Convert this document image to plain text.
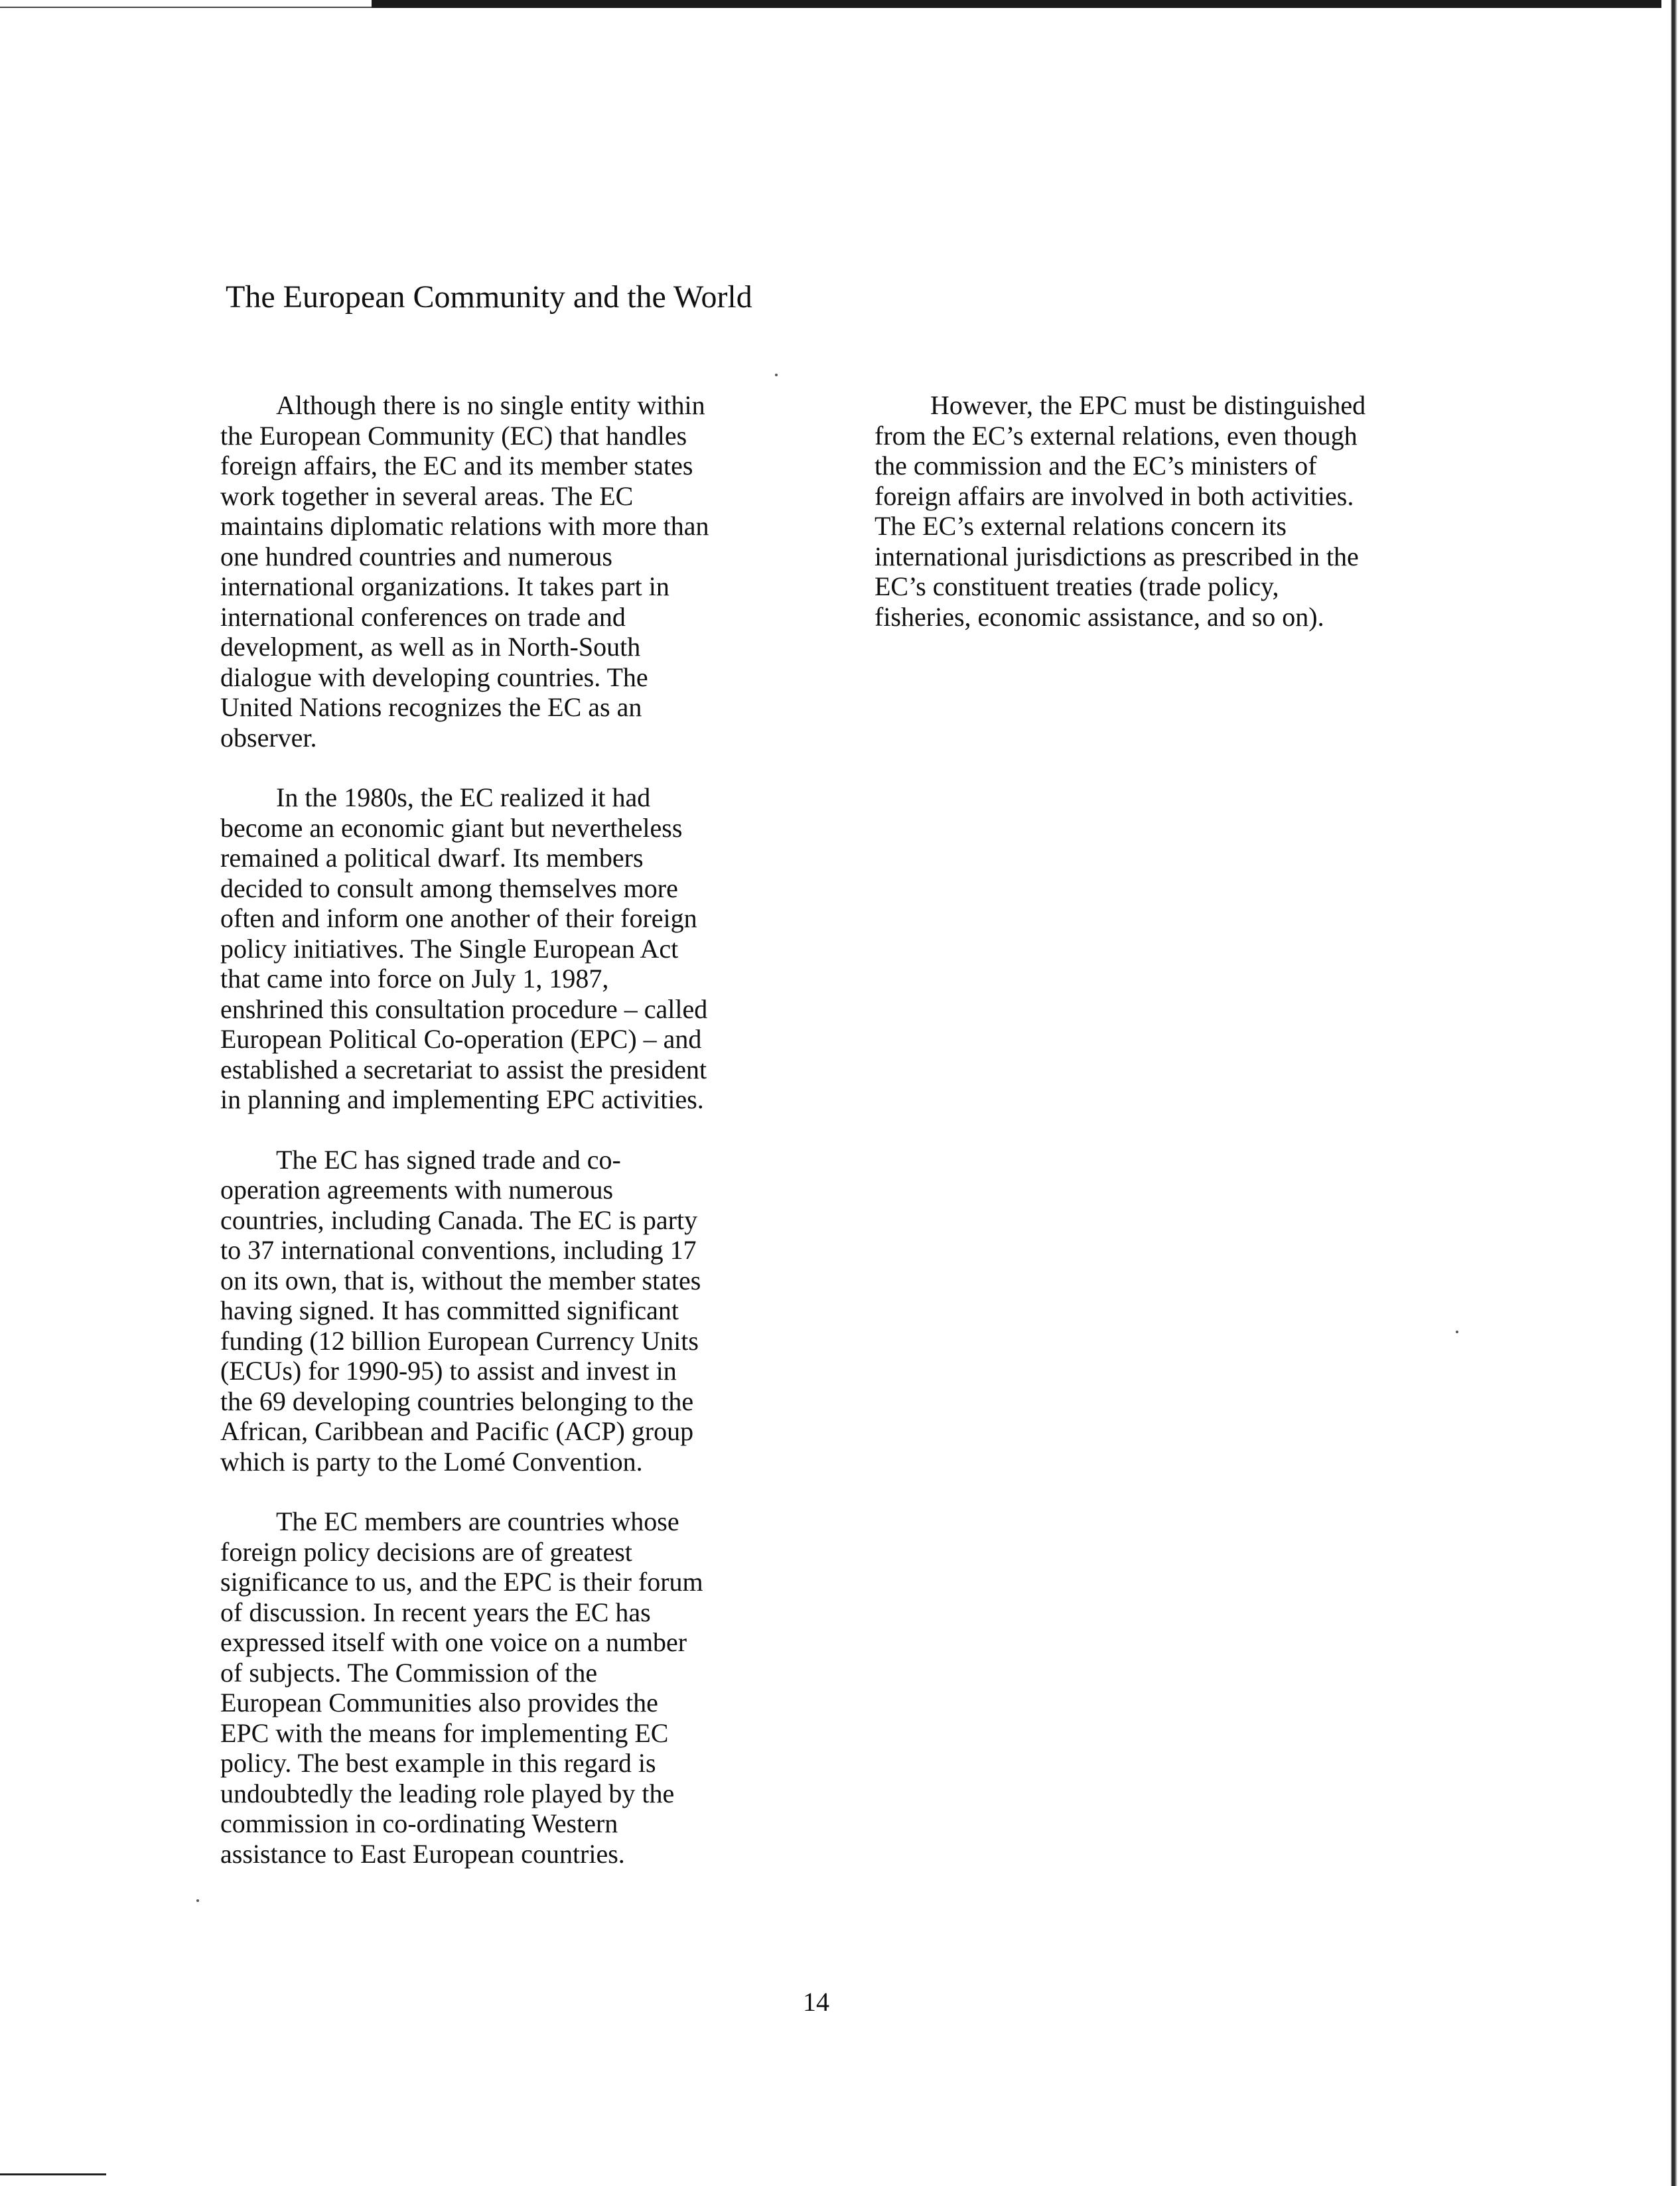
The European Community and the World

Although there is no single entity within
the European Community (EC) that handles
foreign affairs, the EC and its member states
work together in several areas. The EC
maintains diplomatic relations with more than
one hundred countries and numerous
international organizations. It takes part in
international conferences on trade and
development, as well as in North-South
dialogue with developing countries. The
United Nations recognizes the EC as an
observer.

In the 1980s, the EC realized it had
become an economic giant but nevertheless
remained a political dwarf. Its members
decided to consult among themselves more
often and inform one another of their foreign
policy initiatives. The Single European Act
that came into force on July 1, 1987,
enshrined this consultation procedure – called
European Political Co-operation (EPC) – and
established a secretariat to assist the president
in planning and implementing EPC activities.

The EC has signed trade and co-
operation agreements with numerous
countries, including Canada. The EC is party
to 37 international conventions, including 17
on its own, that is, without the member states
having signed. It has committed significant
funding (12 billion European Currency Units
(ECUs) for 1990-95) to assist and invest in
the 69 developing countries belonging to the
African, Caribbean and Pacific (ACP) group
which is party to the Lomé Convention.

The EC members are countries whose
foreign policy decisions are of greatest
significance to us, and the EPC is their forum
of discussion. In recent years the EC has
expressed itself with one voice on a number
of subjects. The Commission of the
European Communities also provides the
EPC with the means for implementing EC
policy. The best example in this regard is
undoubtedly the leading role played by the
commission in co-ordinating Western
assistance to East European countries.

However, the EPC must be distinguished
from the EC’s external relations, even though
the commission and the EC’s ministers of
foreign affairs are involved in both activities.
The EC’s external relations concern its
international jurisdictions as prescribed in the
EC’s constituent treaties (trade policy,
fisheries, economic assistance, and so on).

14
